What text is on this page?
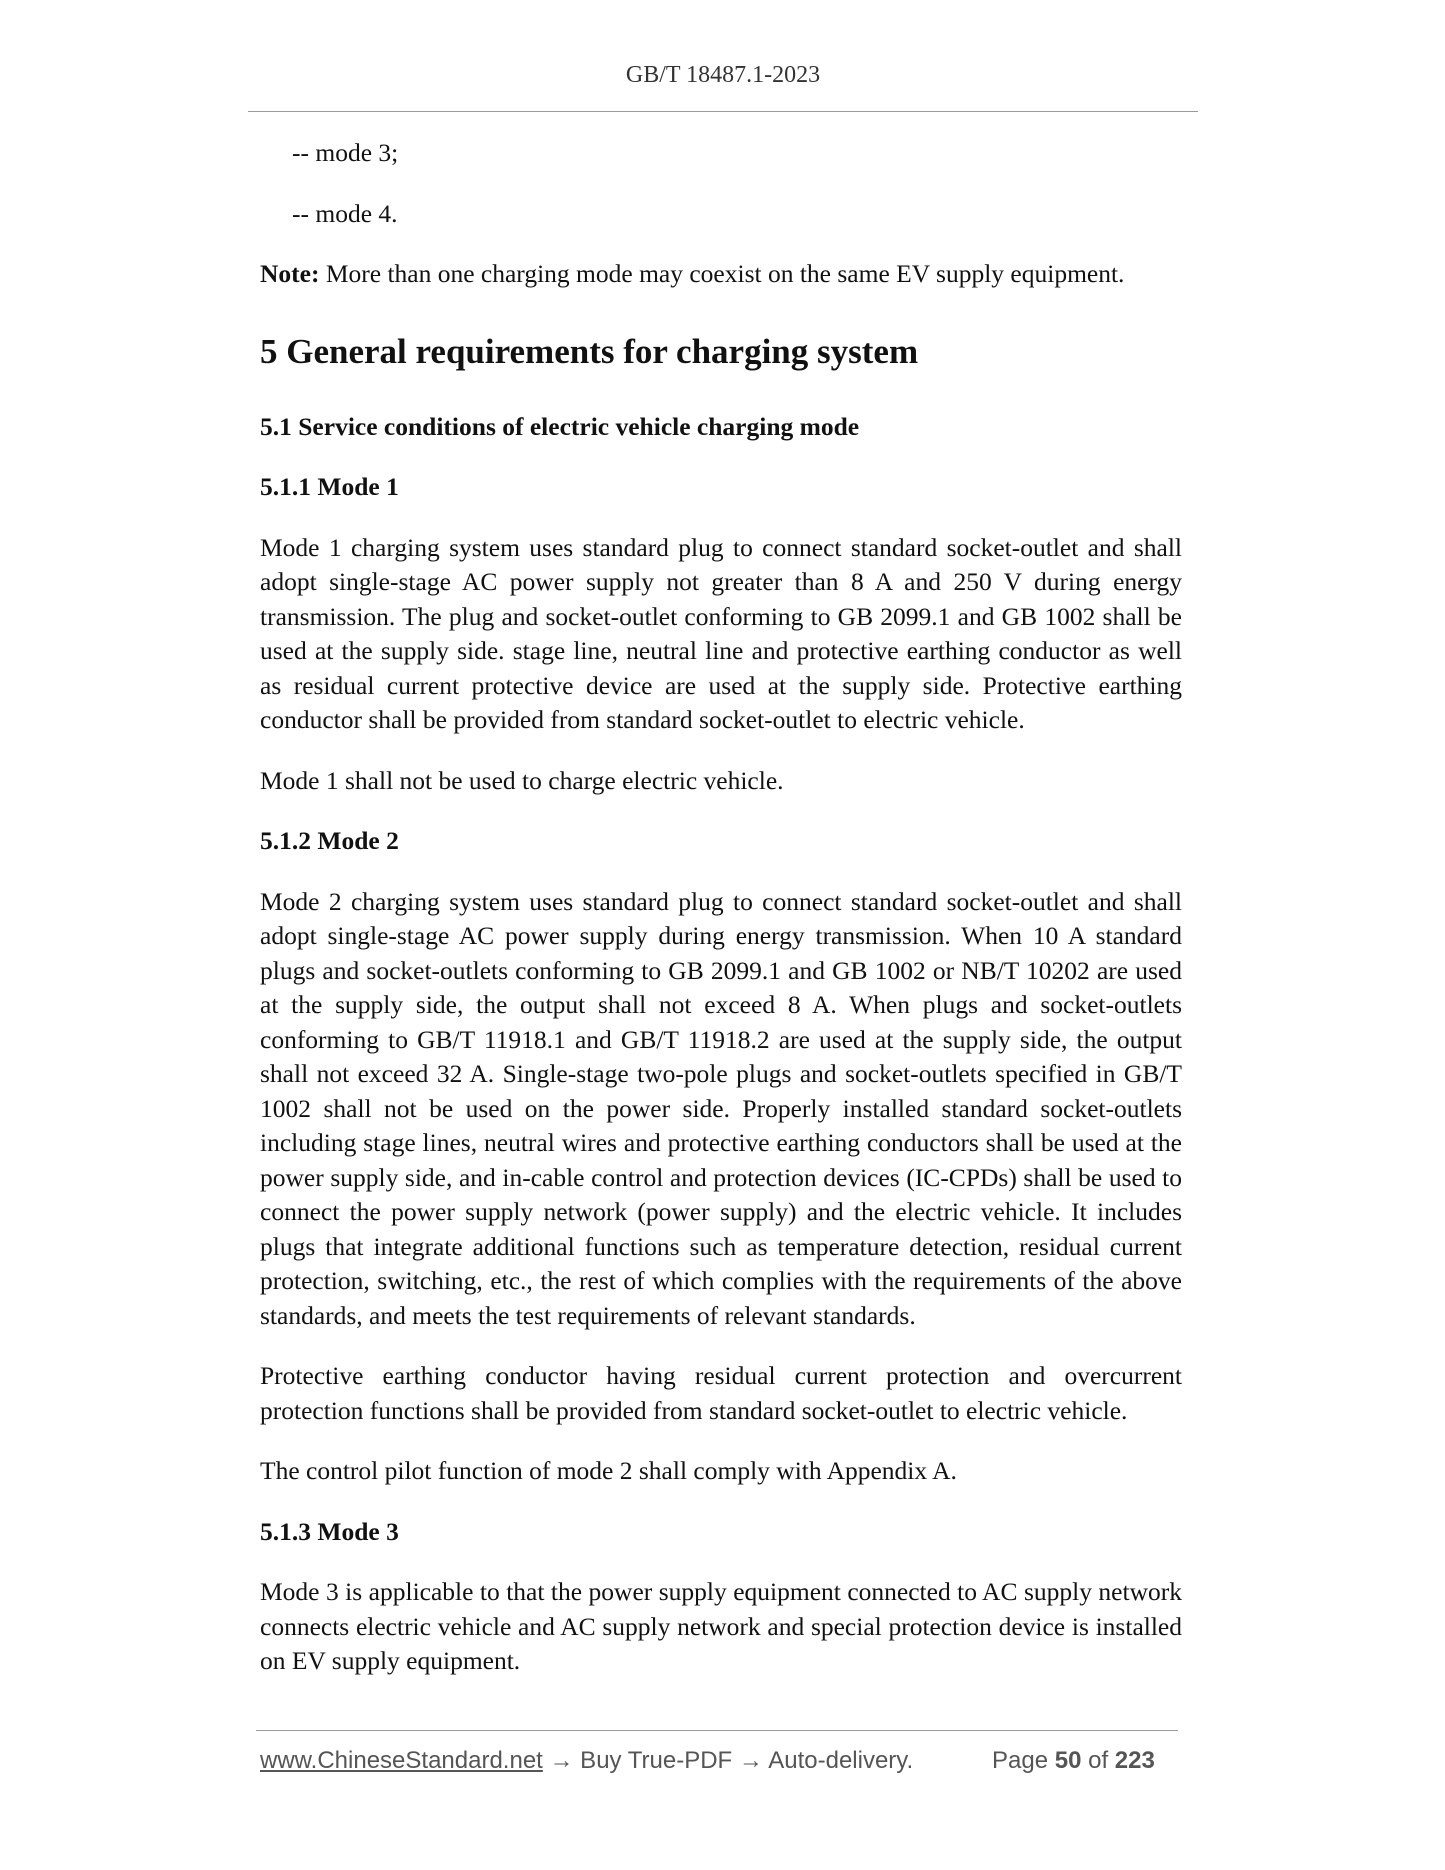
GB/T 18487.1-2023
-- mode 3;
-- mode 4.
Note: More than one charging mode may coexist on the same EV supply equipment.
5 General requirements for charging system
5.1 Service conditions of electric vehicle charging mode
5.1.1 Mode 1
Mode 1 charging system uses standard plug to connect standard socket-outlet and shall adopt single-stage AC power supply not greater than 8 A and 250 V during energy transmission. The plug and socket-outlet conforming to GB 2099.1 and GB 1002 shall be used at the supply side. stage line, neutral line and protective earthing conductor as well as residual current protective device are used at the supply side. Protective earthing conductor shall be provided from standard socket-outlet to electric vehicle.
Mode 1 shall not be used to charge electric vehicle.
5.1.2 Mode 2
Mode 2 charging system uses standard plug to connect standard socket-outlet and shall adopt single-stage AC power supply during energy transmission. When 10 A standard plugs and socket-outlets conforming to GB 2099.1 and GB 1002 or NB/T 10202 are used at the supply side, the output shall not exceed 8 A. When plugs and socket-outlets conforming to GB/T 11918.1 and GB/T 11918.2 are used at the supply side, the output shall not exceed 32 A. Single-stage two-pole plugs and socket-outlets specified in GB/T 1002 shall not be used on the power side. Properly installed standard socket-outlets including stage lines, neutral wires and protective earthing conductors shall be used at the power supply side, and in-cable control and protection devices (IC-CPDs) shall be used to connect the power supply network (power supply) and the electric vehicle. It includes plugs that integrate additional functions such as temperature detection, residual current protection, switching, etc., the rest of which complies with the requirements of the above standards, and meets the test requirements of relevant standards.
Protective earthing conductor having residual current protection and overcurrent protection functions shall be provided from standard socket-outlet to electric vehicle.
The control pilot function of mode 2 shall comply with Appendix A.
5.1.3 Mode 3
Mode 3 is applicable to that the power supply equipment connected to AC supply network connects electric vehicle and AC supply network and special protection device is installed on EV supply equipment.
www.ChineseStandard.net → Buy True-PDF → Auto-delivery.	Page 50 of 223
